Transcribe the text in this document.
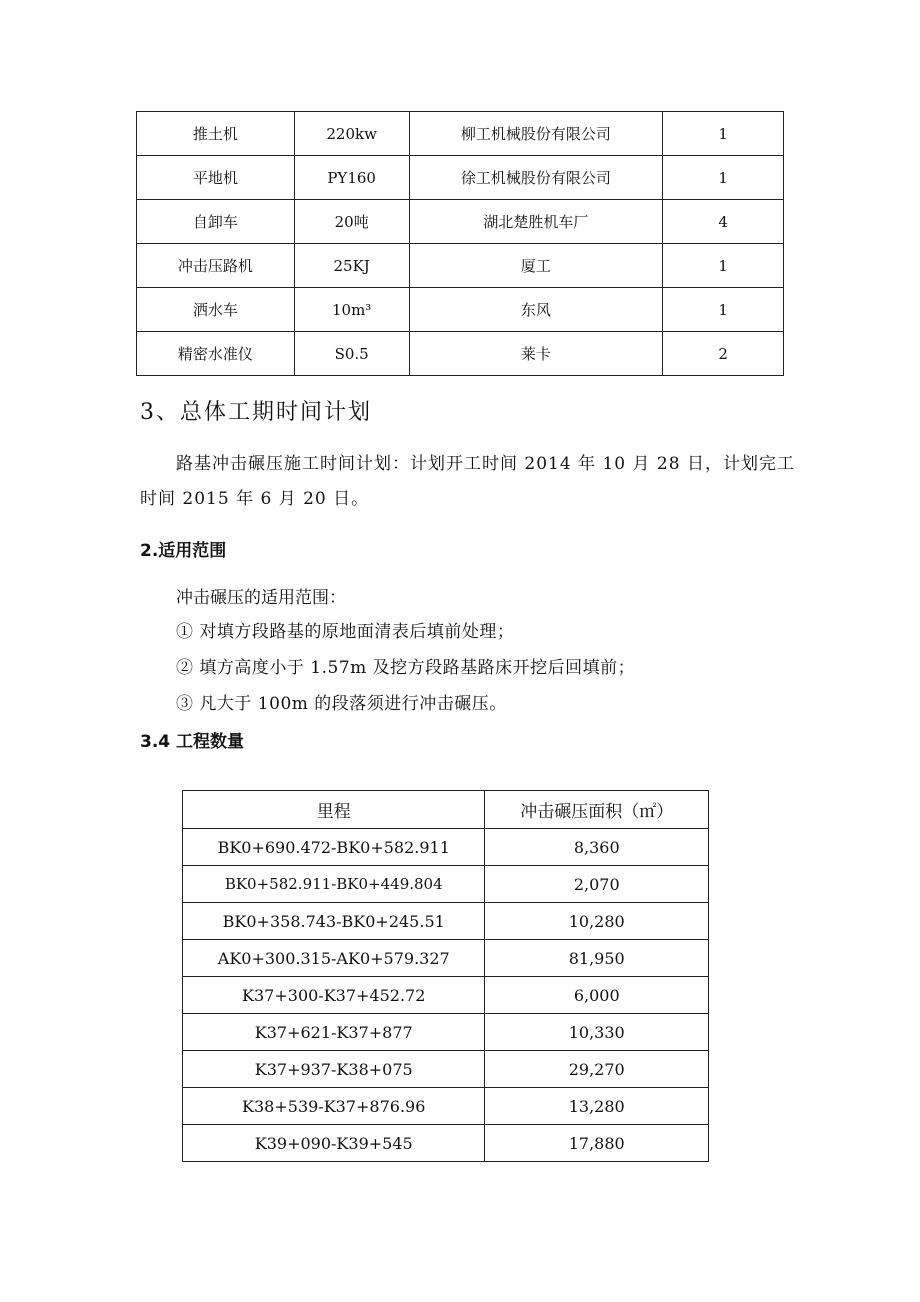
推土机	220kw	柳工机械股份有限公司	1
平地机	PY160	徐工机械股份有限公司	1
自卸车	20吨	湖北楚胜机车厂	4
冲击压路机	25KJ	厦工	1
洒水车	10m³	东风	1
精密水准仪	S0.5	莱卡	2
3、总体工期时间计划
路基冲击碾压施工时间计划：计划开工时间 2014 年 10 月 28 日，计划完工
时间 2015 年 6 月 20 日。
2.适用范围
冲击碾压的适用范围：
① 对填方段路基的原地面清表后填前处理；
② 填方高度小于 1.57m 及挖方段路基路床开挖后回填前；
③ 凡大于 100m 的段落须进行冲击碾压。
3.4 工程数量
里程	冲击碾压面积（㎡）
BK0+690.472-BK0+582.911	8,360
BK0+582.911-BK0+449.804	2,070
BK0+358.743-BK0+245.51	10,280
AK0+300.315-AK0+579.327	81,950
K37+300-K37+452.72	6,000
K37+621-K37+877	10,330
K37+937-K38+075	29,270
K38+539-K37+876.96	13,280
K39+090-K39+545	17,880
